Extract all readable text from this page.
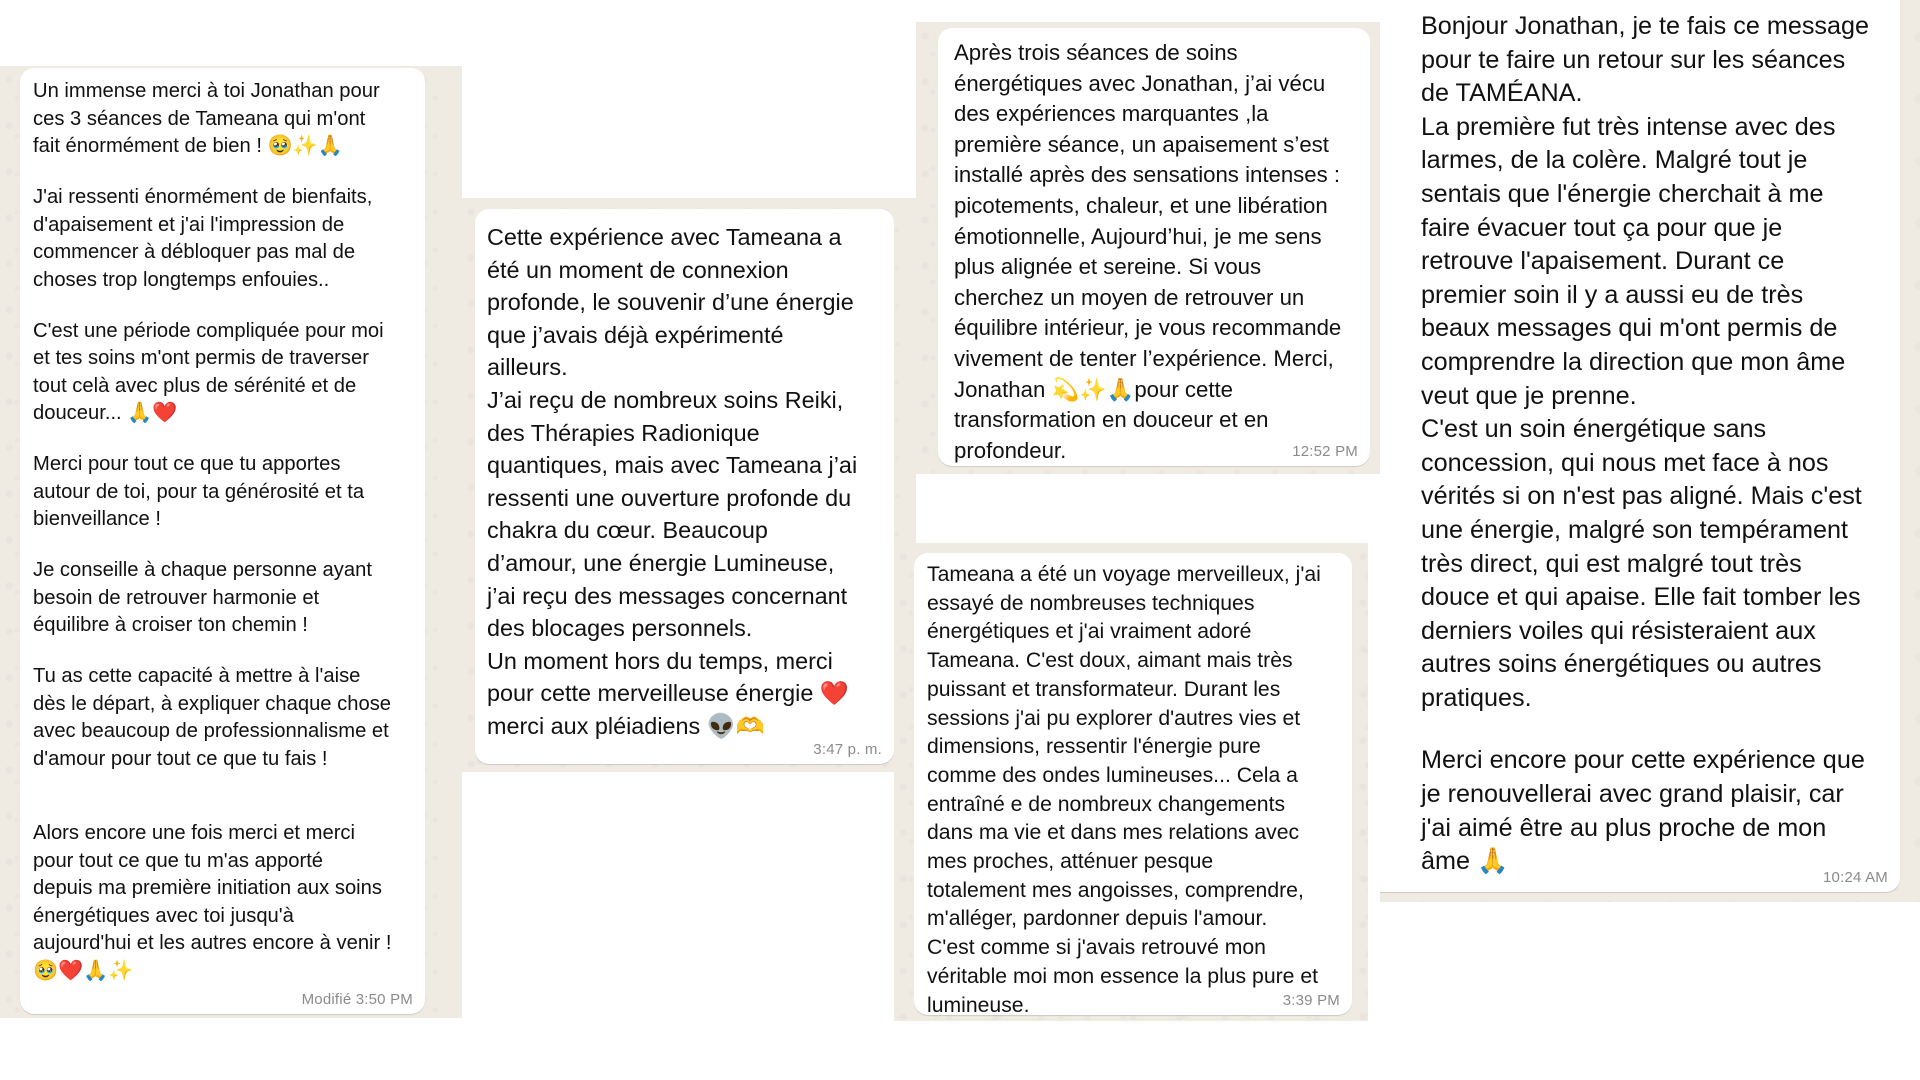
Un immense merci à toi Jonathan pour
ces 3 séances de Tameana qui m'ont
fait énormément de bien ! 🥹✨🙏
J'ai ressenti énormément de bienfaits,
d'apaisement et j'ai l'impression de
commencer à débloquer pas mal de
choses trop longtemps enfouies..
C'est une période compliquée pour moi
et tes soins m'ont permis de traverser
tout celà avec plus de sérénité et de
douceur... 🙏❤️
Merci pour tout ce que tu apportes
autour de toi, pour ta générosité et ta
bienveillance !
Je conseille à chaque personne ayant
besoin de retrouver harmonie et
équilibre à croiser ton chemin !
Tu as cette capacité à mettre à l'aise
dès le départ, à expliquer chaque chose
avec beaucoup de professionnalisme et
d'amour pour tout ce que tu fais !
Alors encore une fois merci et merci
pour tout ce que tu m'as apporté
depuis ma première initiation aux soins
énergétiques avec toi jusqu'à
aujourd'hui et les autres encore à venir !
🥹❤️🙏✨
Modifié 3:50 PM
Cette expérience avec Tameana a
été un moment de connexion
profonde, le souvenir d’une énergie
que j’avais déjà expérimenté
ailleurs.
J’ai reçu de nombreux soins Reiki,
des Thérapies Radionique
quantiques, mais avec Tameana j’ai
ressenti une ouverture profonde du
chakra du cœur. Beaucoup
d’amour, une énergie Lumineuse,
j’ai reçu des messages concernant
des blocages personnels.
Un moment hors du temps, merci
pour cette merveilleuse énergie ❤️
merci aux pléiadiens 👽🫶
3:47 p. m.
Après trois séances de soins
énergétiques avec Jonathan, j’ai vécu
des expériences marquantes ,la
première séance, un apaisement s’est
installé après des sensations intenses :
picotements, chaleur, et une libération
émotionnelle, Aujourd’hui, je me sens
plus alignée et sereine. Si vous
cherchez un moyen de retrouver un
équilibre intérieur, je vous recommande
vivement de tenter l’expérience. Merci,
Jonathan 💫✨🙏pour cette
transformation en douceur et en
profondeur.	12:52 PM
Tameana a été un voyage merveilleux, j'ai
essayé de nombreuses techniques
énergétiques et j'ai vraiment adoré
Tameana. C'est doux, aimant mais très
puissant et transformateur. Durant les
sessions j'ai pu explorer d'autres vies et
dimensions, ressentir l'énergie pure
comme des ondes lumineuses... Cela a
entraîné e de nombreux changements
dans ma vie et dans mes relations avec
mes proches, atténuer pesque
totalement mes angoisses, comprendre,
m'alléger, pardonner depuis l'amour.
C'est comme si j'avais retrouvé mon
véritable moi mon essence la plus pure et
lumineuse.	3:39 PM
Bonjour Jonathan, je te fais ce message
pour te faire un retour sur les séances
de TAMÉANA.
La première fut très intense avec des
larmes, de la colère. Malgré tout je
sentais que l'énergie cherchait à me
faire évacuer tout ça pour que je
retrouve l'apaisement. Durant ce
premier soin il y a aussi eu de très
beaux messages qui m'ont permis de
comprendre la direction que mon âme
veut que je prenne.
C'est un soin énergétique sans
concession, qui nous met face à nos
vérités si on n'est pas aligné. Mais c'est
une énergie, malgré son tempérament
très direct, qui est malgré tout très
douce et qui apaise. Elle fait tomber les
derniers voiles qui résisteraient aux
autres soins énergétiques ou autres
pratiques.
Merci encore pour cette expérience que
je renouvellerai avec grand plaisir, car
j'ai aimé être au plus proche de mon
âme 🙏
10:24 AM
